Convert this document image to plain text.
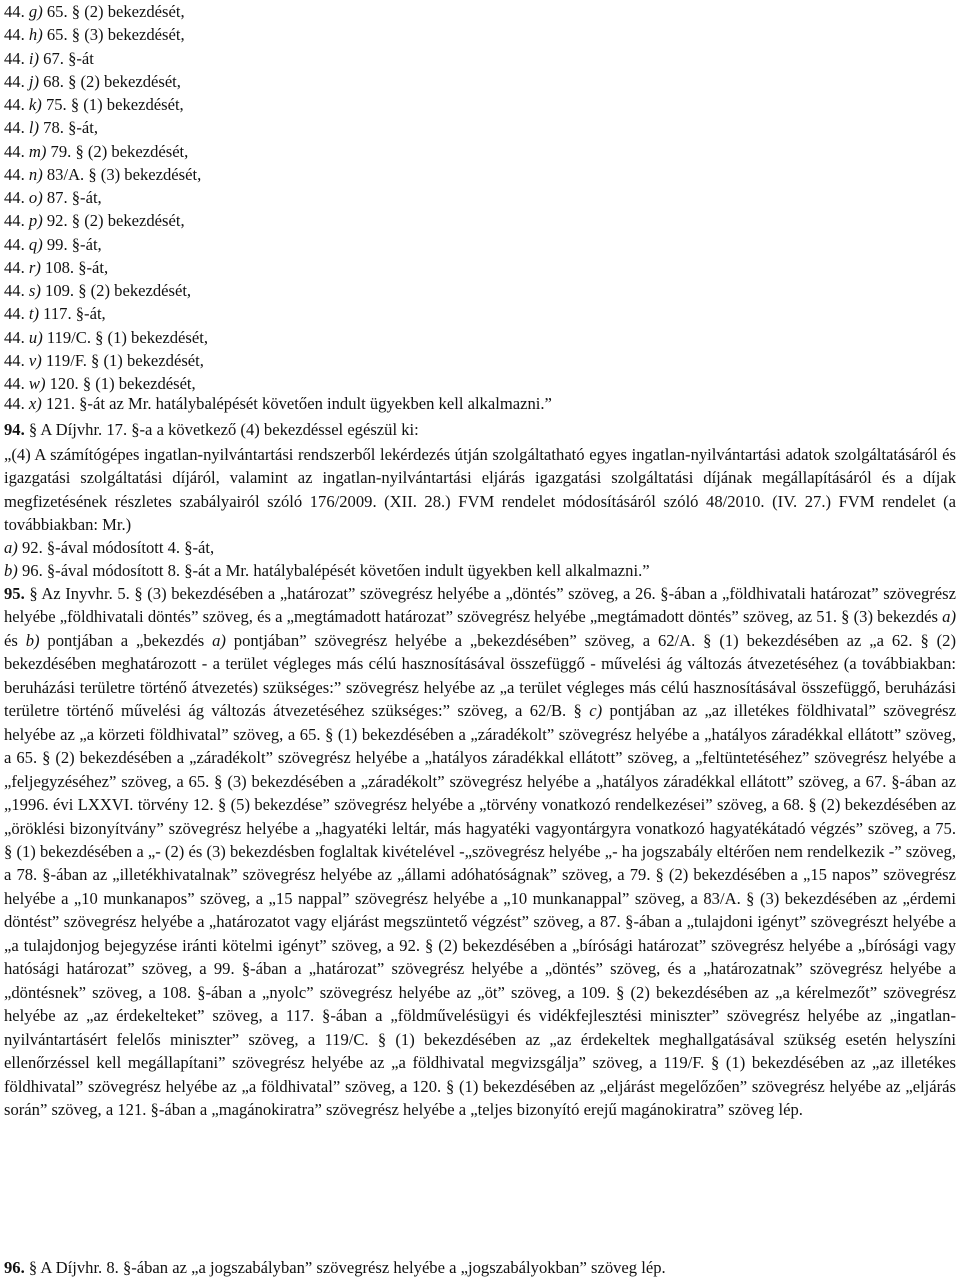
44. g) 65. § (2) bekezdését,
44. h) 65. § (3) bekezdését,
44. i) 67. §-át
44. j) 68. § (2) bekezdését,
44. k) 75. § (1) bekezdését,
44. l) 78. §-át,
44. m) 79. § (2) bekezdését,
44. n) 83/A. § (3) bekezdését,
44. o) 87. §-át,
44. p) 92. § (2) bekezdését,
44. q) 99. §-át,
44. r) 108. §-át,
44. s) 109. § (2) bekezdését,
44. t) 117. §-át,
44. u) 119/C. § (1) bekezdését,
44. v) 119/F. § (1) bekezdését,
44. w) 120. § (1) bekezdését,
44. x) 121. §-át az Mr. hatálybalépését követően indult ügyekben kell alkalmazni.”
94. § A Díjvhr. 17. §-a a következő (4) bekezdéssel egészül ki:
„(4) A számítógépes ingatlan-nyilvántartási rendszerből lekérdezés útján szolgáltatható egyes ingatlan-nyilvántartási adatok szolgáltatásáról és igazgatási szolgáltatási díjáról, valamint az ingatlan-nyilvántartási eljárás igazgatási szolgáltatási díjának megállapításáról és a díjak megfizetésének részletes szabályairól szóló 176/2009. (XII. 28.) FVM rendelet módosításáról szóló 48/2010. (IV. 27.) FVM rendelet (a továbbiakban: Mr.)
a) 92. §-ával módosított 4. §-át,
b) 96. §-ával módosított 8. §-át a Mr. hatálybalépését követően indult ügyekben kell alkalmazni.”
95. § Az Inyvhr. 5. § (3) bekezdésében a „határozat” szövegrész helyébe a „döntés” szöveg, a 26. §-ában a „földhivatali határozat” szövegrész helyébe „földhivatali döntés” szöveg, és a „megtámadott határozat” szövegrész helyébe „megtámadott döntés” szöveg, az 51. § (3) bekezdés a) és b) pontjában a „bekezdés a) pontjában” szövegrész helyébe a „bekezdésében” szöveg, a 62/A. § (1) bekezdésében az „a 62. § (2) bekezdésében meghatározott - a terület végleges más célú hasznosításával összefüggő - művelési ág változás átvezetéséhez (a továbbiakban: beruházási területre történő átvezetés) szükséges:” szövegrész helyébe az „a terület végleges más célú hasznosításával összefüggő, beruházási területre történő művelési ág változás átvezetéséhez szükséges:” szöveg, a 62/B. § c) pontjában az „az illetékes földhivatal” szövegrész helyébe az „a körzeti földhivatal” szöveg, a 65. § (1) bekezdésében a „záradékolt” szövegrész helyébe a „hatályos záradékkal ellátott” szöveg, a 65. § (2) bekezdésében a „záradékolt” szövegrész helyébe a „hatályos záradékkal ellátott” szöveg, a „feltüntetéséhez” szövegrész helyébe a „feljegyzéséhez” szöveg, a 65. § (3) bekezdésében a „záradékolt” szövegrész helyébe a „hatályos záradékkal ellátott” szöveg, a 67. §-ában az „1996. évi LXXVI. törvény 12. § (5) bekezdése” szövegrész helyébe a „törvény vonatkozó rendelkezései” szöveg, a 68. § (2) bekezdésében az „öröklési bizonyítvány” szövegrész helyébe a „hagyatéki leltár, más hagyatéki vagyontárgyra vonatkozó hagyatékátadó végzés” szöveg, a 75. § (1) bekezdésében a „- (2) és (3) bekezdésben foglaltak kivételével -„szövegrész helyébe „- ha jogszabály eltérően nem rendelkezik -” szöveg, a 78. §-ában az „illetékhivatalnak” szövegrész helyébe az „állami adóhatóságnak” szöveg, a 79. § (2) bekezdésében a „15 napos” szövegrész helyébe a „10 munkanapos” szöveg, a „15 nappal” szövegrész helyébe a „10 munkanappal” szöveg, a 83/A. § (3) bekezdésében az „érdemi döntést” szövegrész helyébe a „határozatot vagy eljárást megszüntető végzést” szöveg, a 87. §-ában a „tulajdoni igényt” szövegrészt helyébe a „a tulajdonjog bejegyzése iránti kötelmi igényt” szöveg, a 92. § (2) bekezdésében a „bírósági határozat” szövegrész helyébe a „bírósági vagy hatósági határozat” szöveg, a 99. §-ában a „határozat” szövegrész helyébe a „döntés” szöveg, és a „határozatnak” szövegrész helyébe a „döntésnek” szöveg, a 108. §-ában a „nyolc” szövegrész helyébe az „öt” szöveg, a 109. § (2) bekezdésében az „a kérelmezőt” szövegrész helyébe az „az érdekelteket” szöveg, a 117. §-ában a „földművelésügyi és vidékfejlesztési miniszter” szövegrész helyébe az „ingatlan-nyilvántartásért felelős miniszter” szöveg, a 119/C. § (1) bekezdésében az „az érdekeltek meghallgatásával szükség esetén helyszíni ellenőrzéssel kell megállapítani” szövegrész helyébe az „a földhivatal megvizsgálja” szöveg, a 119/F. § (1) bekezdésében az „az illetékes földhivatal” szövegrész helyébe az „a földhivatal” szöveg, a 120. § (1) bekezdésében az „eljárást megelőzően” szövegrész helyébe az „eljárás során” szöveg, a 121. §-ában a „magánokiratra” szövegrész helyébe a „teljes bizonyító erejű magánokiratra” szöveg lép.
96. § A Díjvhr. 8. §-ában az „a jogszabályban” szövegrész helyébe a „jogszabályokban” szöveg lép.
